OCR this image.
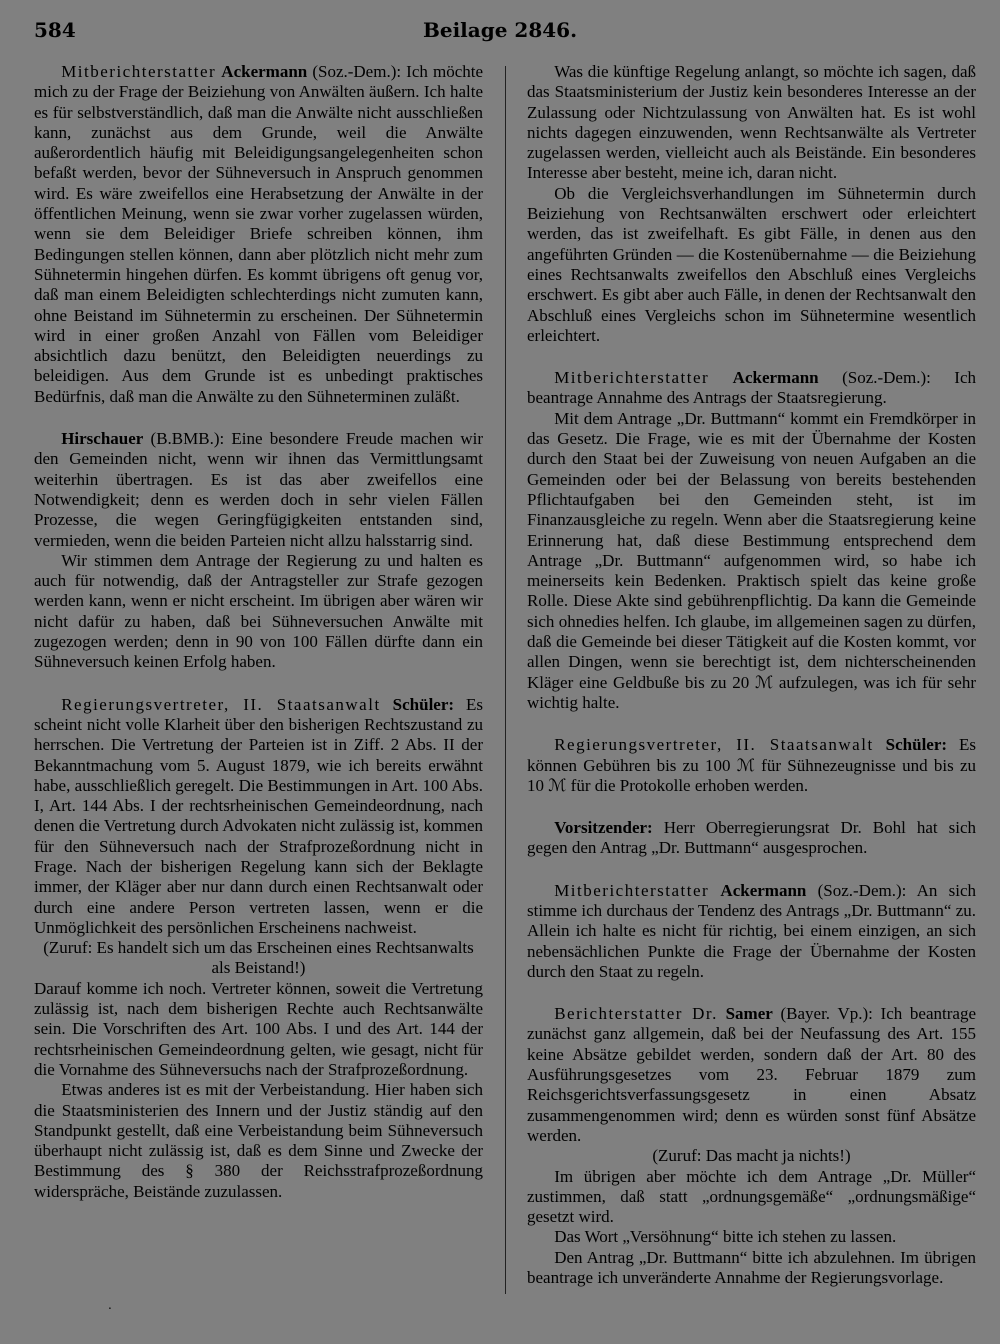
584	Beilage 2846.

Mitberichterstatter Ackermann (Soz.-Dem.): Ich möchte mich zu der Frage der Beiziehung von Anwälten äußern. Ich halte es für selbstverständlich, daß man die Anwälte nicht ausschließen kann, zunächst aus dem Grunde, weil die Anwälte außerordentlich häufig mit Beleidigungsangelegenheiten schon befaßt werden, bevor der Sühneversuch in Anspruch genommen wird. Es wäre zweifellos eine Herabsetzung der Anwälte in der öffentlichen Meinung, wenn sie zwar vorher zugelassen würden, wenn sie dem Beleidiger Briefe schreiben können, ihm Bedingungen stellen können, dann aber plötzlich nicht mehr zum Sühnetermin hingehen dürfen. Es kommt übrigens oft genug vor, daß man einem Beleidigten schlechterdings nicht zumuten kann, ohne Beistand im Sühnetermin zu erscheinen. Der Sühnetermin wird in einer großen Anzahl von Fällen vom Beleidiger absichtlich dazu benützt, den Beleidigten neuerdings zu beleidigen. Aus dem Grunde ist es unbedingt praktisches Bedürfnis, daß man die Anwälte zu den Sühneterminen zuläßt.

Hirschauer (B.BMB.): Eine besondere Freude machen wir den Gemeinden nicht, wenn wir ihnen das Vermittlungsamt weiterhin übertragen. Es ist das aber zweifellos eine Notwendigkeit; denn es werden doch in sehr vielen Fällen Prozesse, die wegen Geringfügigkeiten entstanden sind, vermieden, wenn die beiden Parteien nicht allzu halsstarrig sind.

Wir stimmen dem Antrage der Regierung zu und halten es auch für notwendig, daß der Antragsteller zur Strafe gezogen werden kann, wenn er nicht erscheint. Im übrigen aber wären wir nicht dafür zu haben, daß bei Sühneversuchen Anwälte mit zugezogen werden; denn in 90 von 100 Fällen dürfte dann ein Sühneversuch keinen Erfolg haben.

Regierungsvertreter, II. Staatsanwalt Schüler: Es scheint nicht volle Klarheit über den bisherigen Rechtszustand zu herrschen. Die Vertretung der Parteien ist in Ziff. 2 Abs. II der Bekanntmachung vom 5. August 1879, wie ich bereits erwähnt habe, ausschließlich geregelt. Die Bestimmungen in Art. 100 Abs. I, Art. 144 Abs. I der rechtsrheinischen Gemeindeordnung, nach denen die Vertretung durch Advokaten nicht zulässig ist, kommen für den Sühneversuch nach der Strafprozeßordnung nicht in Frage. Nach der bisherigen Regelung kann sich der Beklagte immer, der Kläger aber nur dann durch einen Rechtsanwalt oder durch eine andere Person vertreten lassen, wenn er die Unmöglichkeit des persönlichen Erscheinens nachweist.

(Zuruf: Es handelt sich um das Erscheinen eines Rechtsanwalts als Beistand!)

Darauf komme ich noch. Vertreter können, soweit die Vertretung zulässig ist, nach dem bisherigen Rechte auch Rechtsanwälte sein. Die Vorschriften des Art. 100 Abs. I und des Art. 144 der rechtsrheinischen Gemeindeordnung gelten, wie gesagt, nicht für die Vornahme des Sühneversuchs nach der Strafprozeßordnung.

Etwas anderes ist es mit der Verbeistandung. Hier haben sich die Staatsministerien des Innern und der Justiz ständig auf den Standpunkt gestellt, daß eine Verbeistandung beim Sühneversuch überhaupt nicht zulässig ist, daß es dem Sinne und Zwecke der Bestimmung des § 380 der Reichsstrafprozeßordnung widerspräche, Beistände zuzulassen.

Was die künftige Regelung anlangt, so möchte ich sagen, daß das Staatsministerium der Justiz kein besonderes Interesse an der Zulassung oder Nichtzulassung von Anwälten hat. Es ist wohl nichts dagegen einzuwenden, wenn Rechtsanwälte als Vertreter zugelassen werden, vielleicht auch als Beistände. Ein besonderes Interesse aber besteht, meine ich, daran nicht.

Ob die Vergleichsverhandlungen im Sühnetermin durch Beiziehung von Rechtsanwälten erschwert oder erleichtert werden, das ist zweifelhaft. Es gibt Fälle, in denen aus den angeführten Gründen — die Kostenübernahme — die Beiziehung eines Rechtsanwalts zweifellos den Abschluß eines Vergleichs erschwert. Es gibt aber auch Fälle, in denen der Rechtsanwalt den Abschluß eines Vergleichs schon im Sühnetermine wesentlich erleichtert.

Mitberichterstatter Ackermann (Soz.-Dem.): Ich beantrage Annahme des Antrags der Staatsregierung.

Mit dem Antrage „Dr. Buttmann“ kommt ein Fremdkörper in das Gesetz. Die Frage, wie es mit der Übernahme der Kosten durch den Staat bei der Zuweisung von neuen Aufgaben an die Gemeinden oder bei der Belassung von bereits bestehenden Pflichtaufgaben bei den Gemeinden steht, ist im Finanzausgleiche zu regeln. Wenn aber die Staatsregierung keine Erinnerung hat, daß diese Bestimmung entsprechend dem Antrage „Dr. Buttmann“ aufgenommen wird, so habe ich meinerseits kein Bedenken. Praktisch spielt das keine große Rolle. Diese Akte sind gebührenpflichtig. Da kann die Gemeinde sich ohnedies helfen. Ich glaube, im allgemeinen sagen zu dürfen, daß die Gemeinde bei dieser Tätigkeit auf die Kosten kommt, vor allen Dingen, wenn sie berechtigt ist, dem nichterscheinenden Kläger eine Geldbuße bis zu 20 ℳ aufzulegen, was ich für sehr wichtig halte.

Regierungsvertreter, II. Staatsanwalt Schüler: Es können Gebühren bis zu 100 ℳ für Sühnezeugnisse und bis zu 10 ℳ für die Protokolle erhoben werden.

Vorsitzender: Herr Oberregierungsrat Dr. Bohl hat sich gegen den Antrag „Dr. Buttmann“ ausgesprochen.

Mitberichterstatter Ackermann (Soz.-Dem.): An sich stimme ich durchaus der Tendenz des Antrags „Dr. Buttmann“ zu. Allein ich halte es nicht für richtig, bei einem einzigen, an sich nebensächlichen Punkte die Frage der Übernahme der Kosten durch den Staat zu regeln.

Berichterstatter Dr. Samer (Bayer. Vp.): Ich beantrage zunächst ganz allgemein, daß bei der Neufassung des Art. 155 keine Absätze gebildet werden, sondern daß der Art. 80 des Ausführungsgesetzes vom 23. Februar 1879 zum Reichsgerichtsverfassungsgesetz in einen Absatz zusammengenommen wird; denn es würden sonst fünf Absätze werden.

(Zuruf: Das macht ja nichts!)

Im übrigen aber möchte ich dem Antrage „Dr. Müller“ zustimmen, daß statt „ordnungsgemäße“ „ordnungsmäßige“ gesetzt wird.

Das Wort „Versöhnung“ bitte ich stehen zu lassen.

Den Antrag „Dr. Buttmann“ bitte ich abzulehnen. Im übrigen beantrage ich unveränderte Annahme der Regierungsvorlage.

.
